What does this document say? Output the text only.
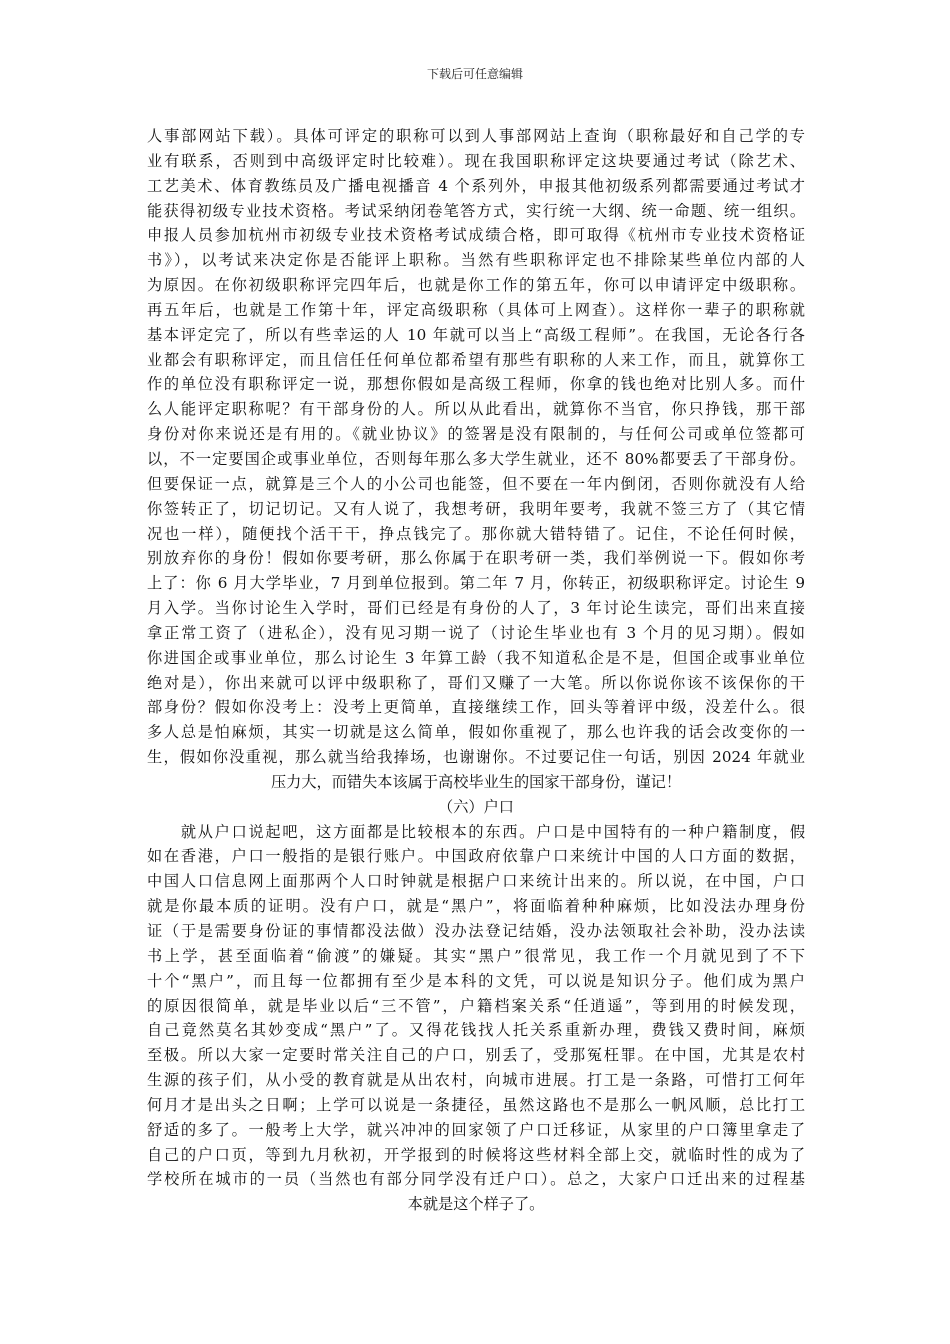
下载后可任意编辑
人事部网站下载）。具体可评定的职称可以到人事部网站上查询（职称最好和自己学的专
业有联系，否则到中高级评定时比较难）。现在我国职称评定这块要通过考试（除艺术、
工艺美术、体育教练员及广播电视播音 4 个系列外，申报其他初级系列都需要通过考试才
能获得初级专业技术资格。考试采纳闭卷笔答方式，实行统一大纲、统一命题、统一组织。
申报人员参加杭州市初级专业技术资格考试成绩合格，即可取得《杭州市专业技术资格证
书》），以考试来决定你是否能评上职称。当然有些职称评定也不排除某些单位内部的人
为原因。在你初级职称评完四年后，也就是你工作的第五年，你可以申请评定中级职称。
再五年后，也就是工作第十年，评定高级职称（具体可上网查）。这样你一辈子的职称就
基本评定完了，所以有些幸运的人 10 年就可以当上“高级工程师”。在我国，无论各行各
业都会有职称评定，而且信任任何单位都希望有那些有职称的人来工作，而且，就算你工
作的单位没有职称评定一说，那想你假如是高级工程师，你拿的钱也绝对比别人多。而什
么人能评定职称呢？有干部身份的人。所以从此看出，就算你不当官，你只挣钱，那干部
身份对你来说还是有用的。《就业协议》的签署是没有限制的，与任何公司或单位签都可
以，不一定要国企或事业单位，否则每年那么多大学生就业，还不 80%都要丢了干部身份。
但要保证一点，就算是三个人的小公司也能签，但不要在一年内倒闭，否则你就没有人给
你签转正了，切记切记。又有人说了，我想考研，我明年要考，我就不签三方了（其它情
况也一样），随便找个活干干，挣点钱完了。那你就大错特错了。记住，不论任何时候，
别放弃你的身份！假如你要考研，那么你属于在职考研一类，我们举例说一下。假如你考
上了：你 6 月大学毕业，7 月到单位报到。第二年 7 月，你转正，初级职称评定。讨论生 9
月入学。当你讨论生入学时，哥们已经是有身份的人了，3 年讨论生读完，哥们出来直接
拿正常工资了（进私企），没有见习期一说了（讨论生毕业也有 3 个月的见习期）。假如
你进国企或事业单位，那么讨论生 3 年算工龄（我不知道私企是不是，但国企或事业单位
绝对是），你出来就可以评中级职称了，哥们又赚了一大笔。所以你说你该不该保你的干
部身份？假如你没考上：没考上更简单，直接继续工作，回头等着评中级，没差什么。很
多人总是怕麻烦，其实一切就是这么简单，假如你重视了，那么也许我的话会改变你的一
生，假如你没重视，那么就当给我捧场，也谢谢你。不过要记住一句话，别因 2024 年就业
压力大，而错失本该属于高校毕业生的国家干部身份，谨记！
（六）户口
　　就从户口说起吧，这方面都是比较根本的东西。户口是中国特有的一种户籍制度，假
如在香港，户口一般指的是银行账户。中国政府依靠户口来统计中国的人口方面的数据，
中国人口信息网上面那两个人口时钟就是根据户口来统计出来的。所以说，在中国，户口
就是你最本质的证明。没有户口，就是“黑户”，将面临着种种麻烦，比如没法办理身份
证（于是需要身份证的事情都没法做）没办法登记结婚，没办法领取社会补助，没办法读
书上学，甚至面临着“偷渡”的嫌疑。其实“黑户”很常见，我工作一个月就见到了不下
十个“黑户”，而且每一位都拥有至少是本科的文凭，可以说是知识分子。他们成为黑户
的原因很简单，就是毕业以后“三不管”，户籍档案关系“任逍遥”，等到用的时候发现，
自己竟然莫名其妙变成“黑户”了。又得花钱找人托关系重新办理，费钱又费时间，麻烦
至极。所以大家一定要时常关注自己的户口，别丢了，受那冤枉罪。在中国，尤其是农村
生源的孩子们，从小受的教育就是从出农村，向城市进展。打工是一条路，可惜打工何年
何月才是出头之日啊；上学可以说是一条捷径，虽然这路也不是那么一帆风顺，总比打工
舒适的多了。一般考上大学，就兴冲冲的回家领了户口迁移证，从家里的户口簿里拿走了
自己的户口页，等到九月秋初，开学报到的时候将这些材料全部上交，就临时性的成为了
学校所在城市的一员（当然也有部分同学没有迁户口）。总之，大家户口迁出来的过程基
本就是这个样子了。
